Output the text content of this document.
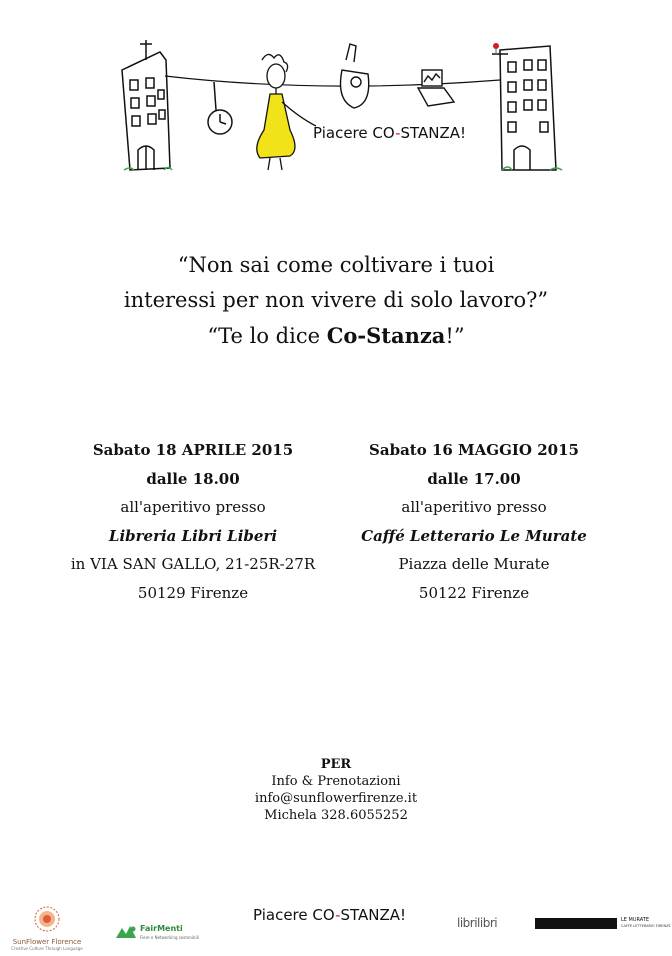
Piacere CO-STANZA!
“Non sai come coltivare i tuoi
interessi per non vivere di solo lavoro?”
“Te lo dice Co-Stanza!”
Sabato 18 APRILE 2015
dalle 18.00
all'aperitivo presso
Libreria Libri Liberi
in VIA SAN GALLO, 21-25R-27R
50129 Firenze
Sabato 16 MAGGIO 2015
dalle 17.00
all'aperitivo presso
Caffé Letterario Le Murate
Piazza delle Murate
50122 Firenze
PER
Info & Prenotazioni
info@sunflowerfirenze.it
Michela 328.6055252
SunFlower Florence
Creative Culture Through Language
FairMenti
Fiere e Networking sostenibili
Piacere CO-STANZA!	librilibri	LE MURATE
CAFFÈ LETTERARIO FIRENZE
